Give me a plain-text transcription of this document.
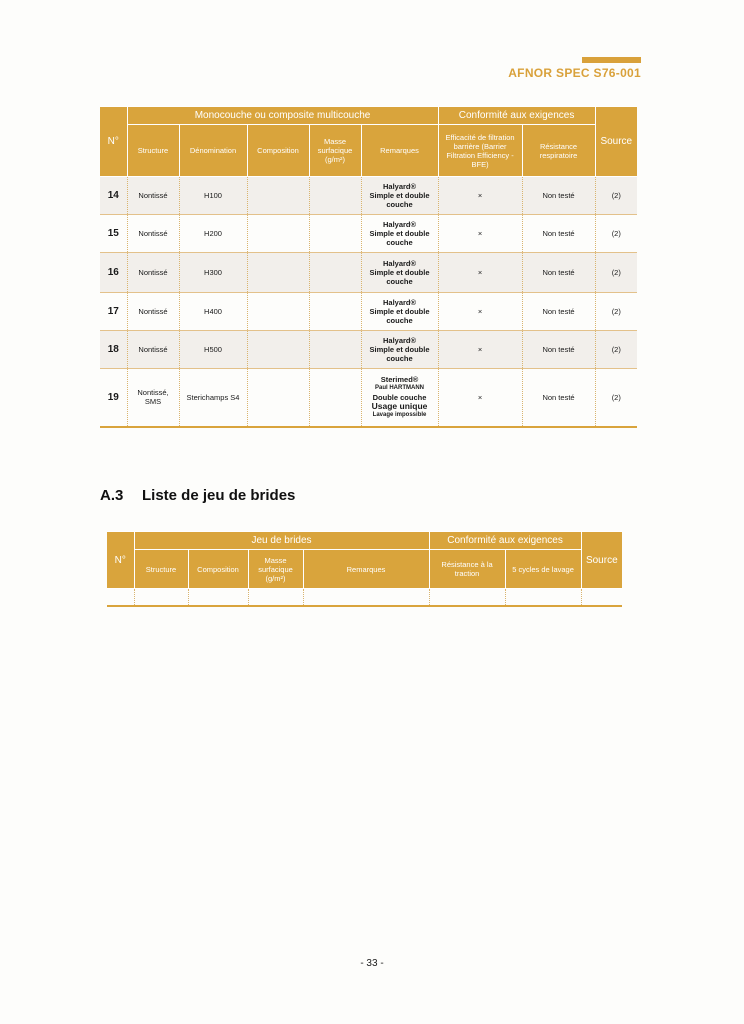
AFNOR SPEC S76-001
N°	Monocouche ou composite multicouche					Conformité aux exigences		Source
	Structure	Dénomination	Composition	Masse surfacique (g/m²)	Remarques	Efficacité de filtration barrière (Barrier Filtration Efficiency - BFE)	Résistance respiratoire	
14	Nontissé	H100			Halyard®
Simple et double
couche	×	Non testé	(2)
15	Nontissé	H200			Halyard®
Simple et double
couche	×	Non testé	(2)
16	Nontissé	H300			Halyard®
Simple et double
couche	×	Non testé	(2)
17	Nontissé	H400			Halyard®
Simple et double
couche	×	Non testé	(2)
18	Nontissé	H500			Halyard®
Simple et double
couche	×	Non testé	(2)
19	Nontissé, SMS	Sterichamps S4			Sterimed®
Paul HARTMANN
Double couche
Usage unique
Lavage impossible	×	Non testé	(2)
A.3 Liste de jeu de brides
N°	Jeu de brides				Conformité aux exigences		Source
	Structure	Composition	Masse surfacique (g/m²)	Remarques	Résistance à la traction	5 cycles de lavage	

- 33 -
